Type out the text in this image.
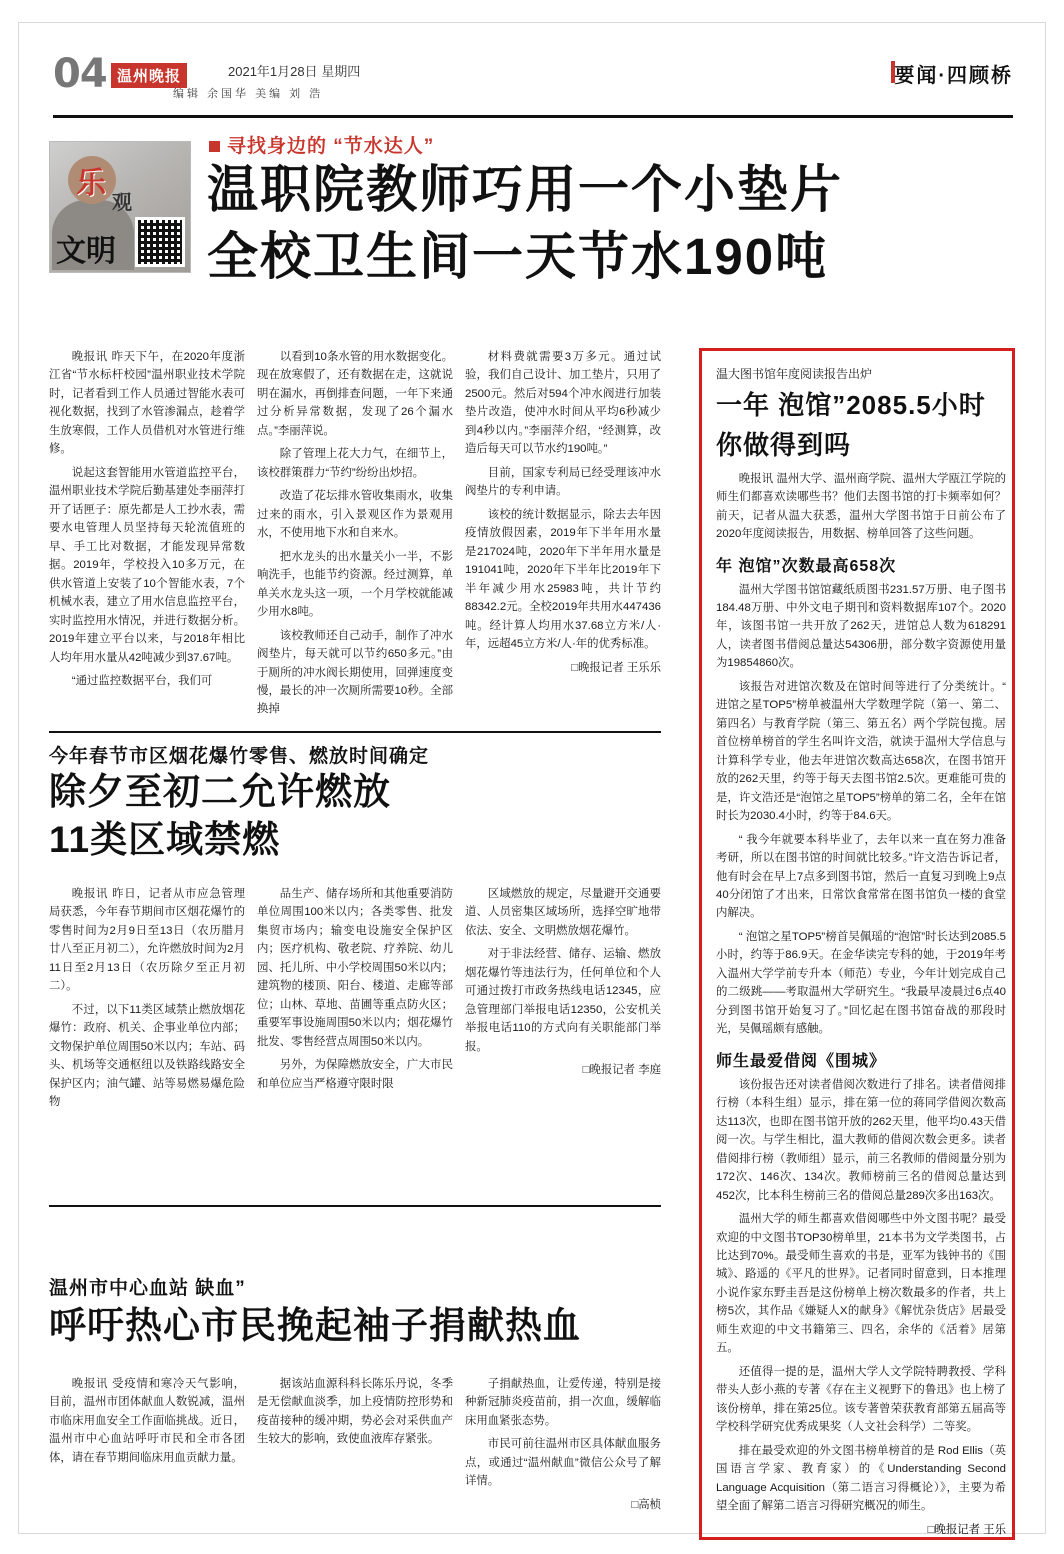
04 温州晚报	2021年1月28日 星期四
编辑 余国华 美编 刘 浩
要闻·四顾桥
乐
观
文明
寻找身边的 “节水达人”
温职院教师巧用一个小垫片
全校卫生间一天节水190吨

晚报讯 昨天下午，在2020年度浙江省“节水标杆校园”温州职业技术学院时，记者看到工作人员通过智能水表可视化数据，找到了水管渗漏点，趁着学生放寒假，工作人员借机对水管进行维修。

说起这套智能用水管道监控平台，温州职业技术学院后勤基建处李丽萍打开了话匣子：原先都是人工抄水表，需要水电管理人员坚持每天轮流值班的早、手工比对数据，才能发现异常数据。2019年，学校投入10多万元，在供水管道上安装了10个智能水表，7个机械水表，建立了用水信息监控平台，实时监控用水情况，并进行数据分析。2019年建立平台以来，与2018年相比人均年用水量从42吨减少到37.67吨。

“通过监控数据平台，我们可

以看到10条水管的用水数据变化。现在放寒假了，还有数据在走，这就说明在漏水，再倒排查问题，一年下来通过分析异常数据，发现了26个漏水点。”李丽萍说。

除了管理上花大力气，在细节上，该校群策群力“节约”纷纷出炒招。

改造了花坛排水管收集雨水，收集过来的雨水，引入景观区作为景观用水，不使用地下水和自来水。

把水龙头的出水量关小一半，不影响洗手，也能节约资源。经过测算，单单关水龙头这一项，一个月学校就能减少用水8吨。

该校教师还自己动手，制作了冲水阀垫片，每天就可以节约650多元。”由于厕所的冲水阀长期使用，回弹速度变慢，最长的冲一次厕所需要10秒。全部换掉

材料费就需要3万多元。通过试验，我们自己设计、加工垫片，只用了2500元。然后对594个冲水阀进行加装垫片改造，使冲水时间从平均6秒减少到4秒以内。”李丽萍介绍，“经测算，改造后每天可以节水约190吨。”

目前，国家专利局已经受理该冲水阀垫片的专利申请。

该校的统计数据显示，除去去年因疫情放假因素，2019年下半年用水量是217024吨，2020年下半年用水量是191041吨，2020年下半年比2019年下半年减少用水25983吨，共计节约88342.2元。全校2019年共用水447436吨。经计算人均用水37.68立方米/人·年，远超45立方米/人·年的优秀标准。

□晚报记者 王乐乐

今年春节市区烟花爆竹零售、燃放时间确定
除夕至初二允许燃放
11类区域禁燃

晚报讯 昨日，记者从市应急管理局获悉，今年春节期间市区烟花爆竹的零售时间为2月9日至13日（农历腊月廿八至正月初二），允许燃放时间为2月11日至2月13日（农历除夕至正月初二）。

不过，以下11类区域禁止燃放烟花爆竹：政府、机关、企事业单位内部；文物保护单位周围50米以内；车站、码头、机场等交通枢纽以及铁路线路安全保护区内；油气罐、站等易燃易爆危险物

品生产、储存场所和其他重要消防单位周围100米以内；各类零售、批发集贸市场内；输变电设施安全保护区内；医疗机构、敬老院、疗养院、幼儿园、托儿所、中小学校周围50米以内；建筑物的楼顶、阳台、楼道、走廊等部位；山林、草地、苗圃等重点防火区；重要军事设施周围50米以内；烟花爆竹批发、零售经营点周围50米以内。

另外，为保障燃放安全，广大市民和单位应当严格遵守限时限

区域燃放的规定，尽量避开交通要道、人员密集区域场所，选择空旷地带依法、安全、文明燃放烟花爆竹。

对于非法经营、储存、运输、燃放烟花爆竹等违法行为，任何单位和个人可通过拨打市政务热线电话12345，应急管理部门举报电话12350，公安机关举报电话110的方式向有关职能部门举报。

□晚报记者 李庭

温州市中心血站 缺血”
呼吁热心市民挽起袖子捐献热血

晚报讯 受疫情和寒冷天气影响，目前，温州市团体献血人数锐减，温州市临床用血安全工作面临挑战。近日，温州市中心血站呼吁市民和全市各团体，请在春节期间临床用血贡献力量。

据该站血源科科长陈乐丹说，冬季是无偿献血淡季，加上疫情防控形势和疫苗接种的缓冲期，势必会对采供血产生较大的影响，致使血液库存紧张。

子捐献热血，让爱传递，特别是接种新冠肺炎疫苗前，捐一次血，缓解临床用血紧张态势。

市民可前往温州市区具体献血服务点，或通过“温州献血”微信公众号了解详情。

□高桢

温大图书馆年度阅读报告出炉
一年 泡馆”2085.5小时
你做得到吗

晚报讯 温州大学、温州商学院、温州大学瓯江学院的师生们都喜欢读哪些书？他们去图书馆的打卡频率如何？前天，记者从温大获悉，温州大学图书馆于日前公布了2020年度阅读报告，用数据、榜单回答了这些问题。

年 泡馆”次数最高658次

温州大学图书馆馆藏纸质图书231.57万册、电子图书184.48万册、中外文电子期刊和资料数据库107个。2020年，该图书馆一共开放了262天，进馆总人数为618291人，读者图书借阅总量达54306册，部分数字资源使用量为19854860次。

该报告对进馆次数及在馆时间等进行了分类统计。“ 进馆之星TOP5”榜单被温州大学数理学院（第一、第二、第四名）与教育学院（第三、第五名）两个学院包揽。居首位榜单榜首的学生名叫许文浩，就读于温州大学信息与计算科学专业，他去年进馆次数高达658次，在图书馆开放的262天里，约等于每天去图书馆2.5次。更难能可贵的是，许文浩还是“泡馆之星TOP5”榜单的第二名，全年在馆时长为2030.4小时，约等于84.6天。

“ 我今年就要本科毕业了，去年以来一直在努力准备考研，所以在图书馆的时间就比较多。”许文浩告诉记者，他有时会在早上7点多到图书馆，然后一直复习到晚上9点40分闭馆了才出来，日常饮食常常在图书馆负一楼的食堂内解决。

“ 泡馆之星TOP5”榜首吴佩瑶的“泡馆”时长达到2085.5小时，约等于86.9天。在金华读完专科的她，于2019年考入温州大学学前专升本（师范）专业，今年计划完成自己的二级跳——考取温州大学研究生。“我最早凌晨过6点40分到图书馆开始复习了。”回忆起在图书馆奋战的那段时光，吴佩瑶颇有感触。

师生最爱借阅《围城》

该份报告还对读者借阅次数进行了排名。读者借阅排行榜（本科生组）显示，排在第一位的蒋同学借阅次数高达113次，也即在图书馆开放的262天里，他平均0.43天借阅一次。与学生相比，温大教师的借阅次数会更多。读者借阅排行榜（教师组）显示，前三名教师的借阅量分别为172次、146次、134次。教师榜前三名的借阅总量达到452次，比本科生榜前三名的借阅总量289次多出163次。

温州大学的师生都喜欢借阅哪些中外文图书呢？最受欢迎的中文图书TOP30榜单里，21本书为文学类图书，占比达到70%。最受师生喜欢的书是，亚军为钱钟书的《围城》、路遥的《平凡的世界》。记者同时留意到，日本推理小说作家东野圭吾是这份榜单上榜次数最多的作者，共上榜5次，其作品《嫌疑人X的献身》《解忧杂货店》居最受师生欢迎的中文书籍第三、四名，余华的《活着》居第五。

还值得一提的是，温州大学人文学院特聘教授、学科带头人彭小燕的专著《存在主义视野下的鲁迅》也上榜了该份榜单，排在第25位。该专著曾荣获教育部第五届高等学校科学研究优秀成果奖（人文社会科学）二等奖。

排在最受欢迎的外文图书榜单榜首的是 Rod Ellis（英国语言学家、教育家）的《Understanding Second Language Acquisition（第二语言习得概论）》，主要为希望全面了解第二语言习得研究概况的师生。

□晚报记者 王乐
